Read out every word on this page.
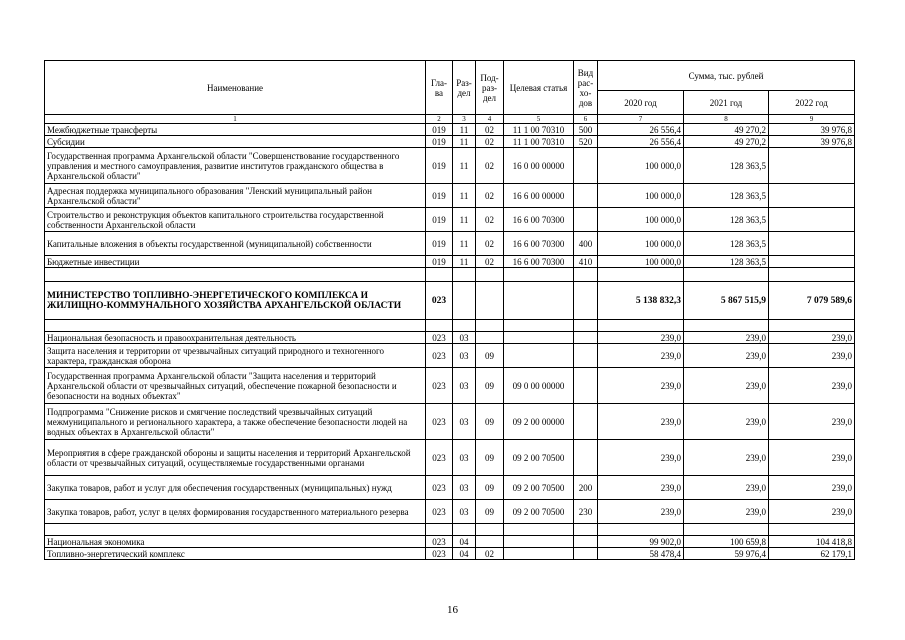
Наименование	Гла-ва	Раз-дел	Под-раз-дел	Целевая статья	Вид рас-хо-дов	Сумма, тыс. рублей		
						2020 год	2021 год	2022 год
1	2	3	4	5	6	7	8	9
Межбюджетные трансферты	019	11	02	11 1 00 70310	500	26 556,4	49 270,2	39 976,8
Субсидии	019	11	02	11 1 00 70310	520	26 556,4	49 270,2	39 976,8
Государственная программа Архангельской области "Совершенствование государственного управления и местного самоуправления, развитие институтов гражданского общества в Архангельской области"	019	11	02	16 0 00 00000		100 000,0	128 363,5	
Адресная поддержка муниципального образования "Ленский муниципальный район Архангельской области"	019	11	02	16 6 00 00000		100 000,0	128 363,5	
Строительство и реконструкция объектов капитального строительства государственной собственности Архангельской области	019	11	02	16 6 00 70300		100 000,0	128 363,5	
Капитальные вложения в объекты государственной (муниципальной) собственности	019	11	02	16 6 00 70300	400	100 000,0	128 363,5	
Бюджетные инвестиции	019	11	02	16 6 00 70300	410	100 000,0	128 363,5	

МИНИСТЕРСТВО ТОПЛИВНО-ЭНЕРГЕТИЧЕСКОГО КОМПЛЕКСА И ЖИЛИЩНО-КОММУНАЛЬНОГО ХОЗЯЙСТВА АРХАНГЕЛЬСКОЙ ОБЛАСТИ	023					5 138 832,3	5 867 515,9	7 079 589,6

Национальная безопасность и правоохранительная деятельность	023	03				239,0	239,0	239,0
Защита населения и территории от чрезвычайных ситуаций природного и техногенного характера, гражданская оборона	023	03	09			239,0	239,0	239,0
Государственная программа Архангельской области "Защита населения и территорий Архангельской области от чрезвычайных ситуаций, обеспечение пожарной безопасности и безопасности на водных объектах"	023	03	09	09 0 00 00000		239,0	239,0	239,0
Подпрограмма "Снижение рисков и смягчение последствий чрезвычайных ситуаций межмуниципального и регионального характера, а также обеспечение безопасности людей на водных объектах в Архангельской области"	023	03	09	09 2 00 00000		239,0	239,0	239,0
Мероприятия в сфере гражданской обороны и защиты населения и территорий Архангельской области от чрезвычайных ситуаций, осуществляемые государственными органами	023	03	09	09 2 00 70500		239,0	239,0	239,0
Закупка товаров, работ и услуг для обеспечения государственных (муниципальных) нужд	023	03	09	09 2 00 70500	200	239,0	239,0	239,0
Закупка товаров, работ, услуг в целях формирования государственного материального резерва	023	03	09	09 2 00 70500	230	239,0	239,0	239,0

Национальная экономика	023	04				99 902,0	100 659,8	104 418,8
Топливно-энергетический комплекс	023	04	02			58 478,4	59 976,4	62 179,1
16
